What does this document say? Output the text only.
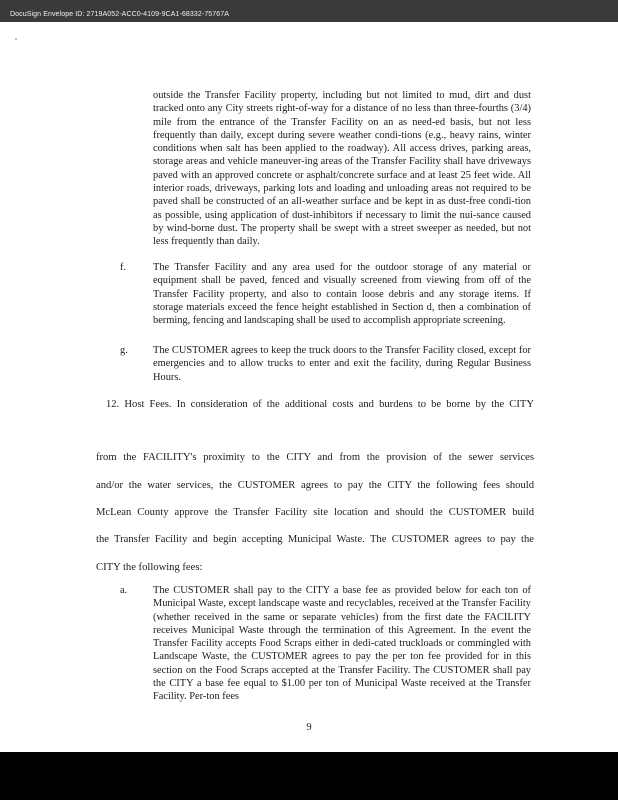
DocuSign Envelope ID: 2719A052-ACC0-4109-9CA1-68332-75767A

outside the Transfer Facility property, including but not limited to mud, dirt and dust tracked onto any City streets right-of-way for a distance of no less than three-fourths (3/4) mile from the entrance of the Transfer Facility on an as need-ed basis, but not less frequently than daily, except during severe weather condi-tions (e.g., heavy rains, winter conditions when salt has been applied to the roadway). All access drives, parking areas, storage areas and vehicle maneuver-ing areas of the Transfer Facility shall have driveways paved with an approved concrete or asphalt/concrete surface and at least 25 feet wide. All interior roads, driveways, parking lots and loading and unloading areas not required to be paved shall be constructed of an all-weather surface and be kept in as dust-free condi-tion as possible, using application of dust-inhibitors if necessary to limit the nui-sance caused by wind-borne dust. The property shall be swept with a street sweeper as needed, but not less frequently than daily.

f.	The Transfer Facility and any area used for the outdoor storage of any material or equipment shall be paved, fenced and visually screened from viewing from off of the Transfer Facility property, and also to contain loose debris and any storage items. If storage materials exceed the fence height established in Section d, then a combination of berming, fencing and landscaping shall be used to accomplish appropriate screening.

g. The CUSTOMER agrees to keep the truck doors to the Transfer Facility closed, except for emergencies and to allow trucks to enter and exit the facility, during Regular Business Hours.

12. Host Fees. In consideration of the additional costs and burdens to be borne by the CITY
from the FACILITY's proximity to the CITY and from the provision of the sewer services
and/or the water services, the CUSTOMER agrees to pay the CITY the following fees should
McLean County approve the Transfer Facility site location and should the CUSTOMER build
the Transfer Facility and begin accepting Municipal Waste. The CUSTOMER agrees to pay the
CITY the following fees:
a. The CUSTOMER shall pay to the CITY a base fee as provided below for each ton of Municipal Waste, except landscape waste and recyclables, received at the Transfer Facility (whether received in the same or separate vehicles) from the first date the FACILITY receives Municipal Waste through the termination of this Agreement. In the event the Transfer Facility accepts Food Scraps either in dedi-cated truckloads or commingled with Landscape Waste, the CUSTOMER agrees to pay the per ton fee provided for in this section on the Food Scraps accepted at the Transfer Facility. The CUSTOMER shall pay the CITY a base fee equal to $1.00 per ton of Municipal Waste received at the Transfer Facility. Per-ton fees

9
